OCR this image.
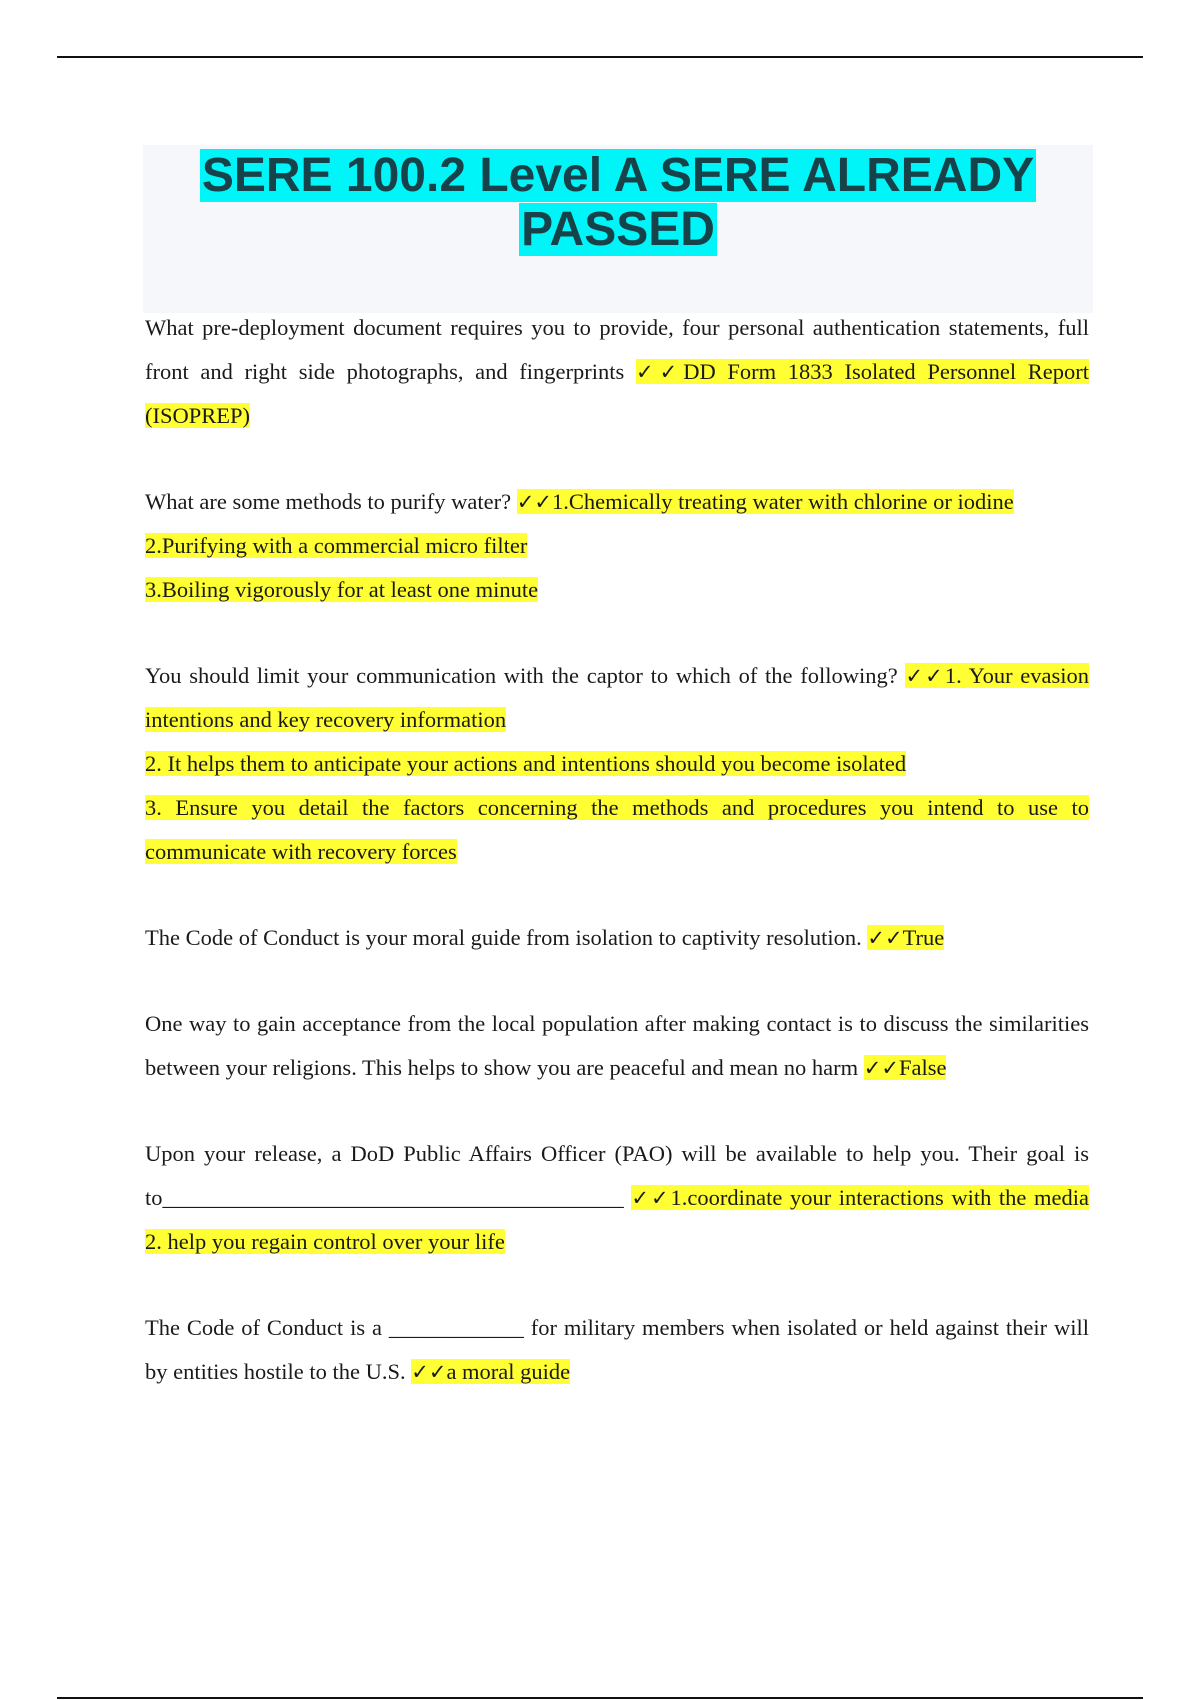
SERE 100.2 Level A SERE ALREADY PASSED

What pre-deployment document requires you to provide, four personal authentication statements, full front and right side photographs, and fingerprints ✓✓DD Form 1833 Isolated Personnel Report (ISOPREP)

What are some methods to purify water? ✓✓1.Chemically treating water with chlorine or iodine
2.Purifying with a commercial micro filter
3.Boiling vigorously for at least one minute

You should limit your communication with the captor to which of the following? ✓✓1. Your evasion intentions and key recovery information
2. It helps them to anticipate your actions and intentions should you become isolated
3. Ensure you detail the factors concerning the methods and procedures you intend to use to communicate with recovery forces

The Code of Conduct is your moral guide from isolation to captivity resolution. ✓✓True

One way to gain acceptance from the local population after making contact is to discuss the similarities between your religions. This helps to show you are peaceful and mean no harm ✓✓False

Upon your release, a DoD Public Affairs Officer (PAO) will be available to help you. Their goal is to_________________________________________ ✓✓1.coordinate your interactions with the media 2. help you regain control over your life

The Code of Conduct is a ____________ for military members when isolated or held against their will by entities hostile to the U.S. ✓✓a moral guide
